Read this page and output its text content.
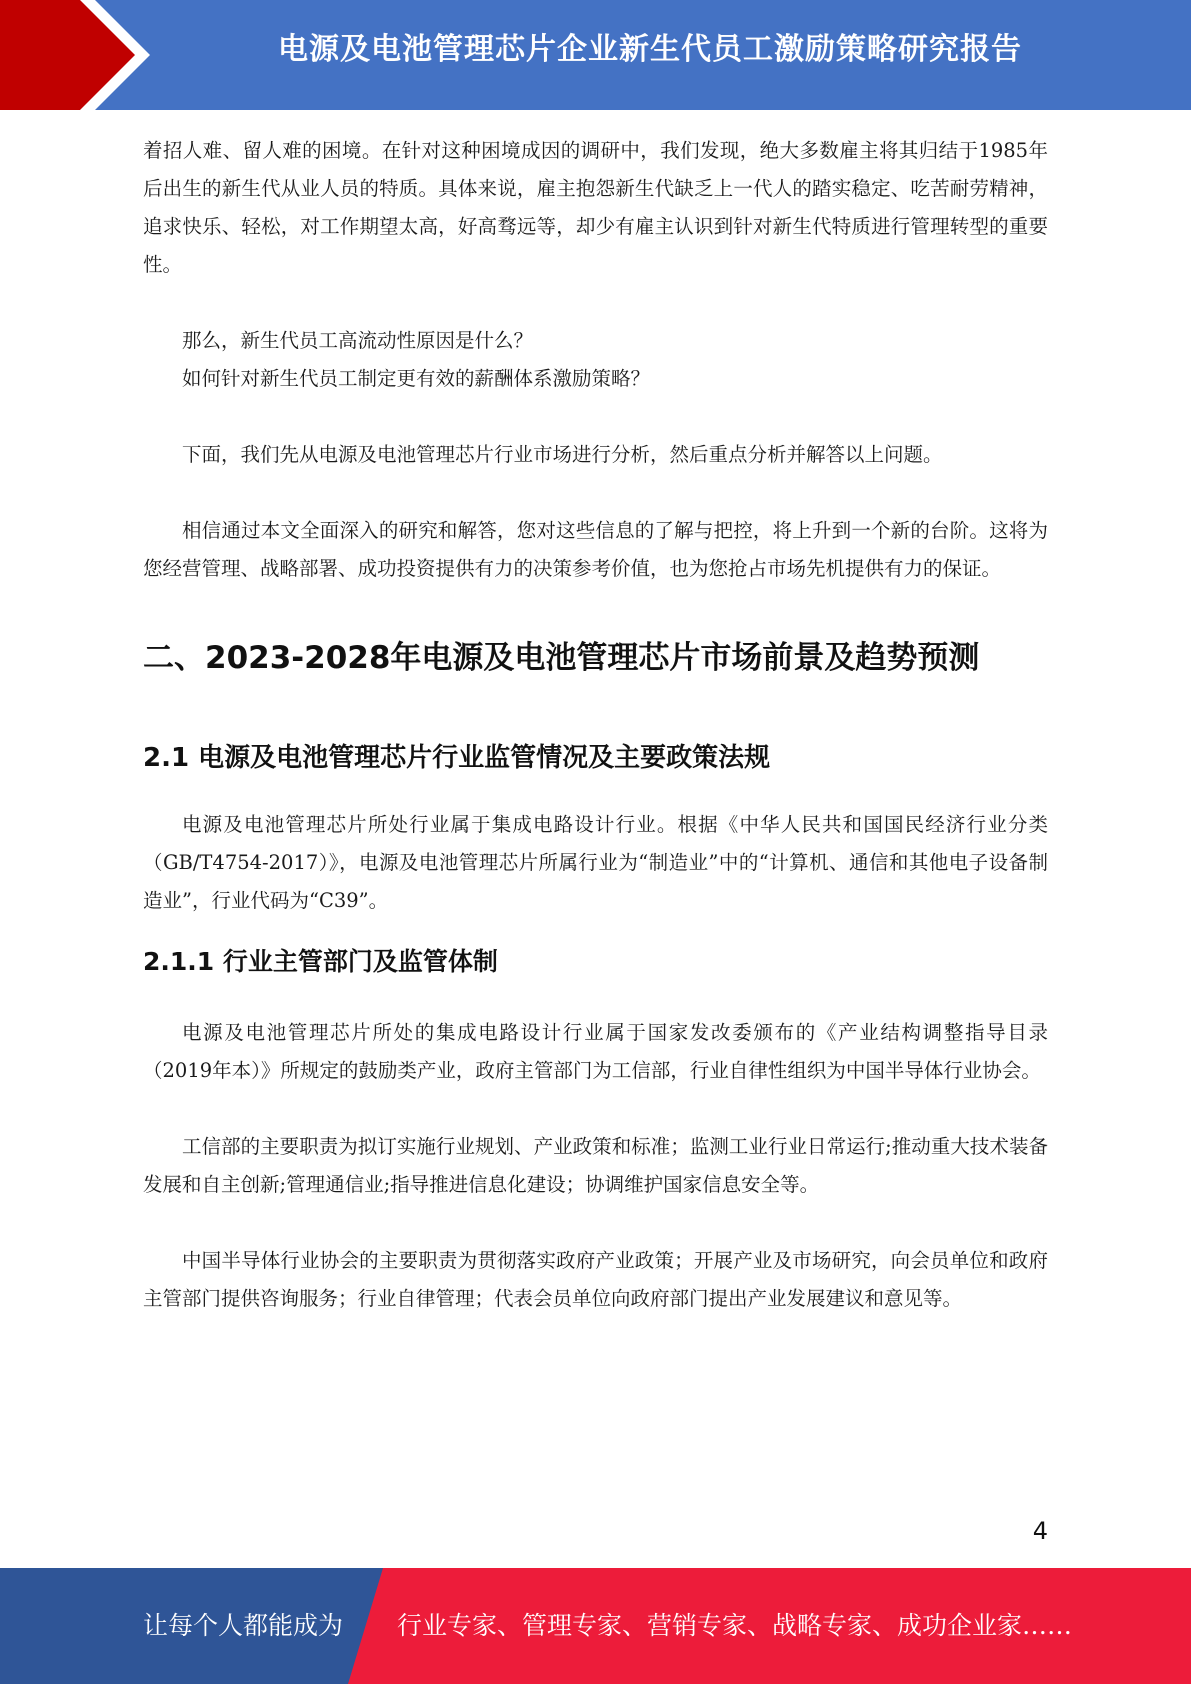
电源及电池管理芯片企业新生代员工激励策略研究报告

着招人难、留人难的困境。在针对这种困境成因的调研中，我们发现，绝大多数雇主将其归结于1985年后出生的新生代从业人员的特质。具体来说，雇主抱怨新生代缺乏上一代人的踏实稳定、吃苦耐劳精神，追求快乐、轻松，对工作期望太高，好高骛远等，却少有雇主认识到针对新生代特质进行管理转型的重要性。

那么，新生代员工高流动性原因是什么？

如何针对新生代员工制定更有效的薪酬体系激励策略？

下面，我们先从电源及电池管理芯片行业市场进行分析，然后重点分析并解答以上问题。

相信通过本文全面深入的研究和解答，您对这些信息的了解与把控，将上升到一个新的台阶。这将为您经营管理、战略部署、成功投资提供有力的决策参考价值，也为您抢占市场先机提供有力的保证。

二、2023-2028年电源及电池管理芯片市场前景及趋势预测
2.1 电源及电池管理芯片行业监管情况及主要政策法规

电源及电池管理芯片所处行业属于集成电路设计行业。根据《中华人民共和国国民经济行业分类（GB/T4754-2017）》，电源及电池管理芯片所属行业为“制造业”中的“计算机、通信和其他电子设备制造业”，行业代码为“C39”。

2.1.1 行业主管部门及监管体制

电源及电池管理芯片所处的集成电路设计行业属于国家发改委颁布的《产业结构调整指导目录（2019年本）》所规定的鼓励类产业，政府主管部门为工信部，行业自律性组织为中国半导体行业协会。

工信部的主要职责为拟订实施行业规划、产业政策和标准；监测工业行业日常运行;推动重大技术装备发展和自主创新;管理通信业;指导推进信息化建设；协调维护国家信息安全等。

中国半导体行业协会的主要职责为贯彻落实政府产业政策；开展产业及市场研究，向会员单位和政府主管部门提供咨询服务；行业自律管理；代表会员单位向政府部门提出产业发展建议和意见等。

4
让每个人都能成为 行业专家、管理专家、营销专家、战略专家、成功企业家……
